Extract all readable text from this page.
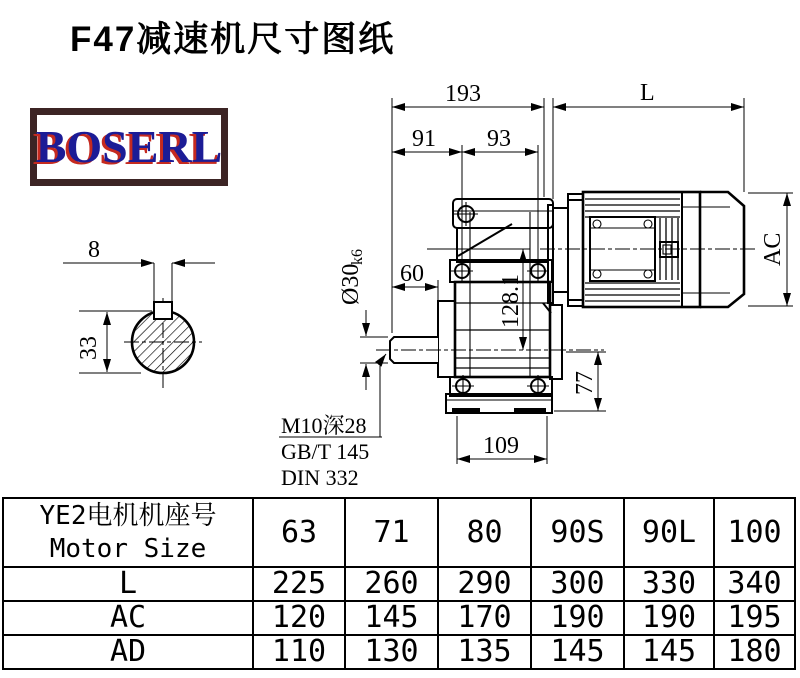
F47减速机尺寸图纸
BOSERL
8
33
193	L
91 93
60
Ø30
k6
128.1
77
109
AC
M10深28
GB/T 145
DIN 332
YE2电机机座号
Motor Size	63	71	80	90S	90L	100
L	225	260	290	300	330	340
AC	120	145	170	190	190	195
AD	110	130	135	145	145	180
